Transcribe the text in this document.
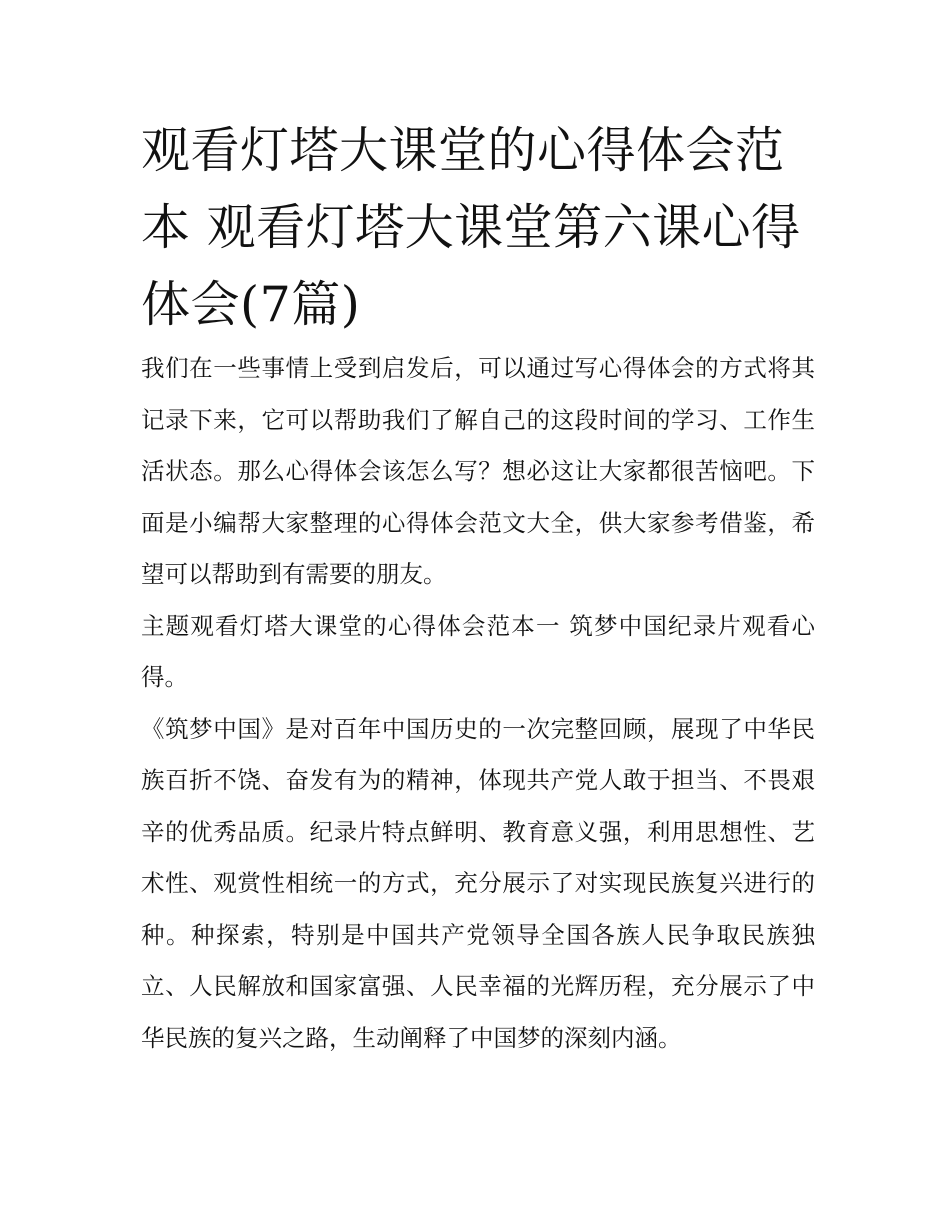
观看灯塔大课堂的心得体会范本 观看灯塔大课堂第六课心得体会(7篇)

我们在一些事情上受到启发后，可以通过写心得体会的方式将其记录下来，它可以帮助我们了解自己的这段时间的学习、工作生活状态。那么心得体会该怎么写？想必这让大家都很苦恼吧。下面是小编帮大家整理的心得体会范文大全，供大家参考借鉴，希望可以帮助到有需要的朋友。

主题观看灯塔大课堂的心得体会范本一 筑梦中国纪录片观看心得。

《筑梦中国》是对百年中国历史的一次完整回顾，展现了中华民族百折不饶、奋发有为的精神，体现共产党人敢于担当、不畏艰辛的优秀品质。纪录片特点鲜明、教育意义强，利用思想性、艺术性、观赏性相统一的方式，充分展示了对实现民族复兴进行的种。种探索，特别是中国共产党领导全国各族人民争取民族独立、人民解放和国家富强、人民幸福的光辉历程，充分展示了中华民族的复兴之路，生动阐释了中国梦的深刻内涵。
